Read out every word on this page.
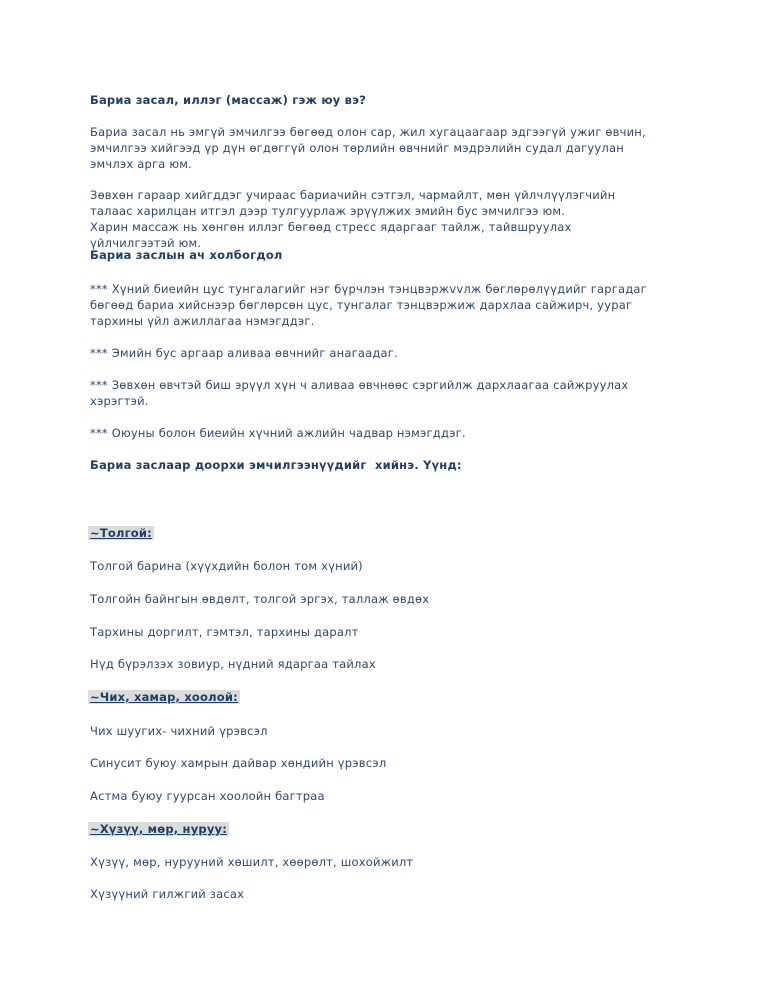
Бариа засал, иллэг (массаж) гэж юу вэ?

Бариа засал нь эмгүй эмчилгээ бөгөөд олон сар, жил хугацаагаар эдгээгүй ужиг өвчин,
эмчилгээ хийгээд үр дүн өгдөггүй олон төрлийн өвчнийг мэдрэлийн судал дагуулан
эмчлэх арга юм.

Зөвхөн гараар хийгддэг учираас бариачийн сэтгэл, чармайлт, мөн үйлчлүүлэгчийн
талаас харилцан итгэл дээр тулгуурлаж эрүүлжих эмийн бус эмчилгээ юм.
Харин массаж нь хөнгөн иллэг бөгөөд стресс ядаргааг тайлж, тайвшруулах
үйлчилгээтэй юм.

Бариа заслын ач холбогдол

*** Хүний биеийн цус тунгалагийг нэг бүрчлэн тэнцвэржvvлж бөглөрөлүүдийг гаргадаг
бөгөөд бариа хийснээр бөглөрсөн цус, тунгалаг тэнцвэржиж дархлаа сайжирч, уураг
тархины үйл ажиллагаа нэмэгддэг.

*** Эмийн бус аргаар аливаа өвчнийг анагаадаг.

*** Зөвхөн өвчтэй биш эрүүл хүн ч аливаа өвчнөөс сэргийлж дархлаагаа сайжруулах
хэрэгтэй.

*** Оюуны болон биеийн хүчний ажлийн чадвар нэмэгддэг.

Бариа заслаар доорхи эмчилгээнүүдийг  хийнэ. Үүнд:

~Толгой:

Толгой барина (хүүхдийн болон том хүний)

Толгойн байнгын өвдөлт, толгой эргэх, таллаж өвдөх

Тархины доргилт, гэмтэл, тархины даралт

Нүд бүрэлзэх зовиур, нүдний ядаргаа тайлах

~Чих, хамар, хоолой:

Чих шуугих- чихний үрэвсэл

Синусит буюу хамрын дайвар хөндийн үрэвсэл

Астма буюу гуурсан хоолойн багтраа

~Хүзүү, мөр, нуруу:

Хүзүү, мөр, нурууний хөшилт, хөөрөлт, шохойжилт

Хүзүүний гилжгий засах
